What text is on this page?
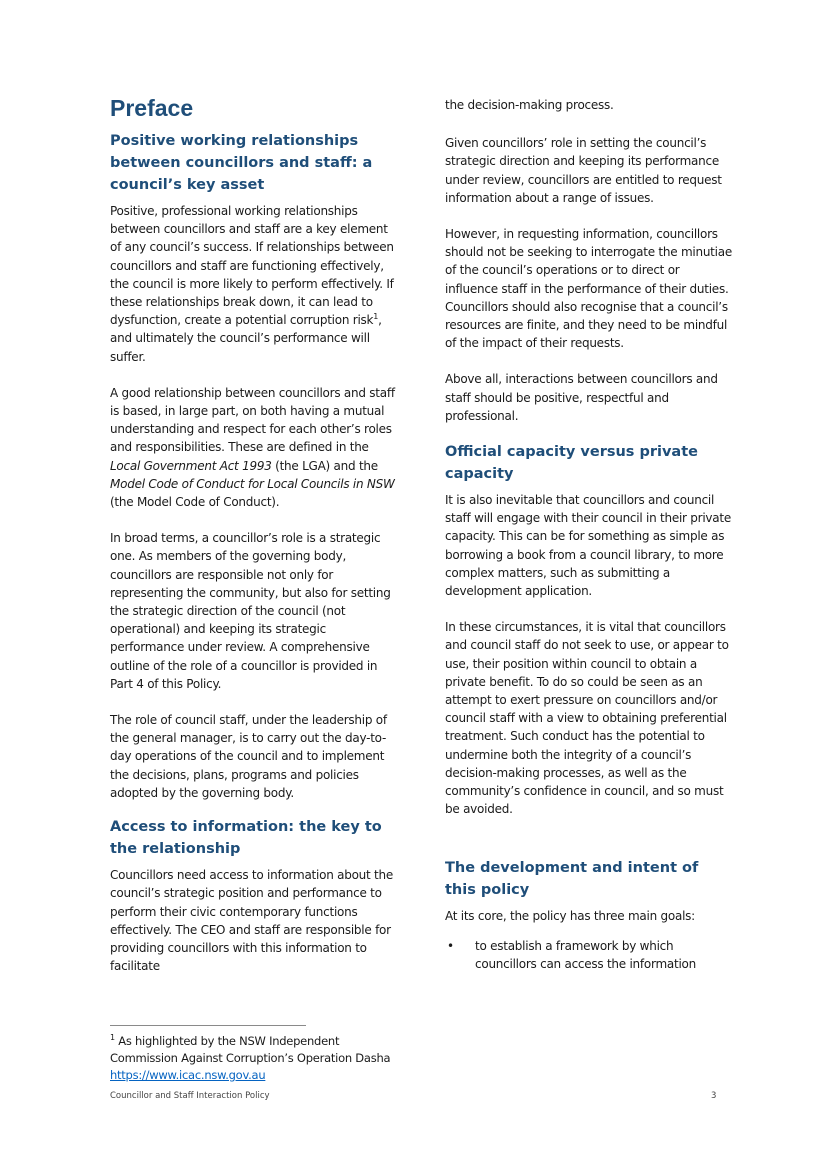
Preface
Positive working relationships between councillors and staff: a council’s key asset

Positive, professional working relationships between councillors and staff are a key element of any council’s success. If relationships between councillors and staff are functioning effectively, the council is more likely to perform effectively. If these relationships break down, it can lead to dysfunction, create a potential corruption risk$^1$, and ultimately the council’s performance will suffer.

A good relationship between councillors and staff is based, in large part, on both having a mutual understanding and respect for each other’s roles and responsibilities. These are defined in the Local Government Act 1993 (the LGA) and the Model Code of Conduct for Local Councils in NSW (the Model Code of Conduct).

In broad terms, a councillor’s role is a strategic one. As members of the governing body, councillors are responsible not only for representing the community, but also for setting the strategic direction of the council (not operational) and keeping its strategic performance under review. A comprehensive outline of the role of a councillor is provided in Part 4 of this Policy.

The role of council staff, under the leadership of the general manager, is to carry out the day-to-day operations of the council and to implement the decisions, plans, programs and policies adopted by the governing body.

Access to information: the key to the relationship

Councillors need access to information about the council’s strategic position and performance to perform their civic contemporary functions effectively. The CEO and staff are responsible for providing councillors with this information to facilitate

the decision-making process.

Given councillors’ role in setting the council’s strategic direction and keeping its performance under review, councillors are entitled to request information about a range of issues.

However, in requesting information, councillors should not be seeking to interrogate the minutiae of the council’s operations or to direct or influence staff in the performance of their duties. Councillors should also recognise that a council’s resources are finite, and they need to be mindful of the impact of their requests.

Above all, interactions between councillors and staff should be positive, respectful and professional.

Official capacity versus private capacity

It is also inevitable that councillors and council staff will engage with their council in their private capacity. This can be for something as simple as borrowing a book from a council library, to more complex matters, such as submitting a development application.

In these circumstances, it is vital that councillors and council staff do not seek to use, or appear to use, their position within council to obtain a private benefit. To do so could be seen as an attempt to exert pressure on councillors and/or council staff with a view to obtaining preferential treatment. Such conduct has the potential to undermine both the integrity of a council’s decision-making processes, as well as the community’s confidence in council, and so must be avoided.

The development and intent of this policy

At its core, the policy has three main goals:

• to establish a framework by which councillors can access the information
$^1$ As highlighted by the NSW Independent Commission Against Corruption’s Operation Dasha
https://www.icac.nsw.gov.au
Councillor and Staff Interaction Policy	3
